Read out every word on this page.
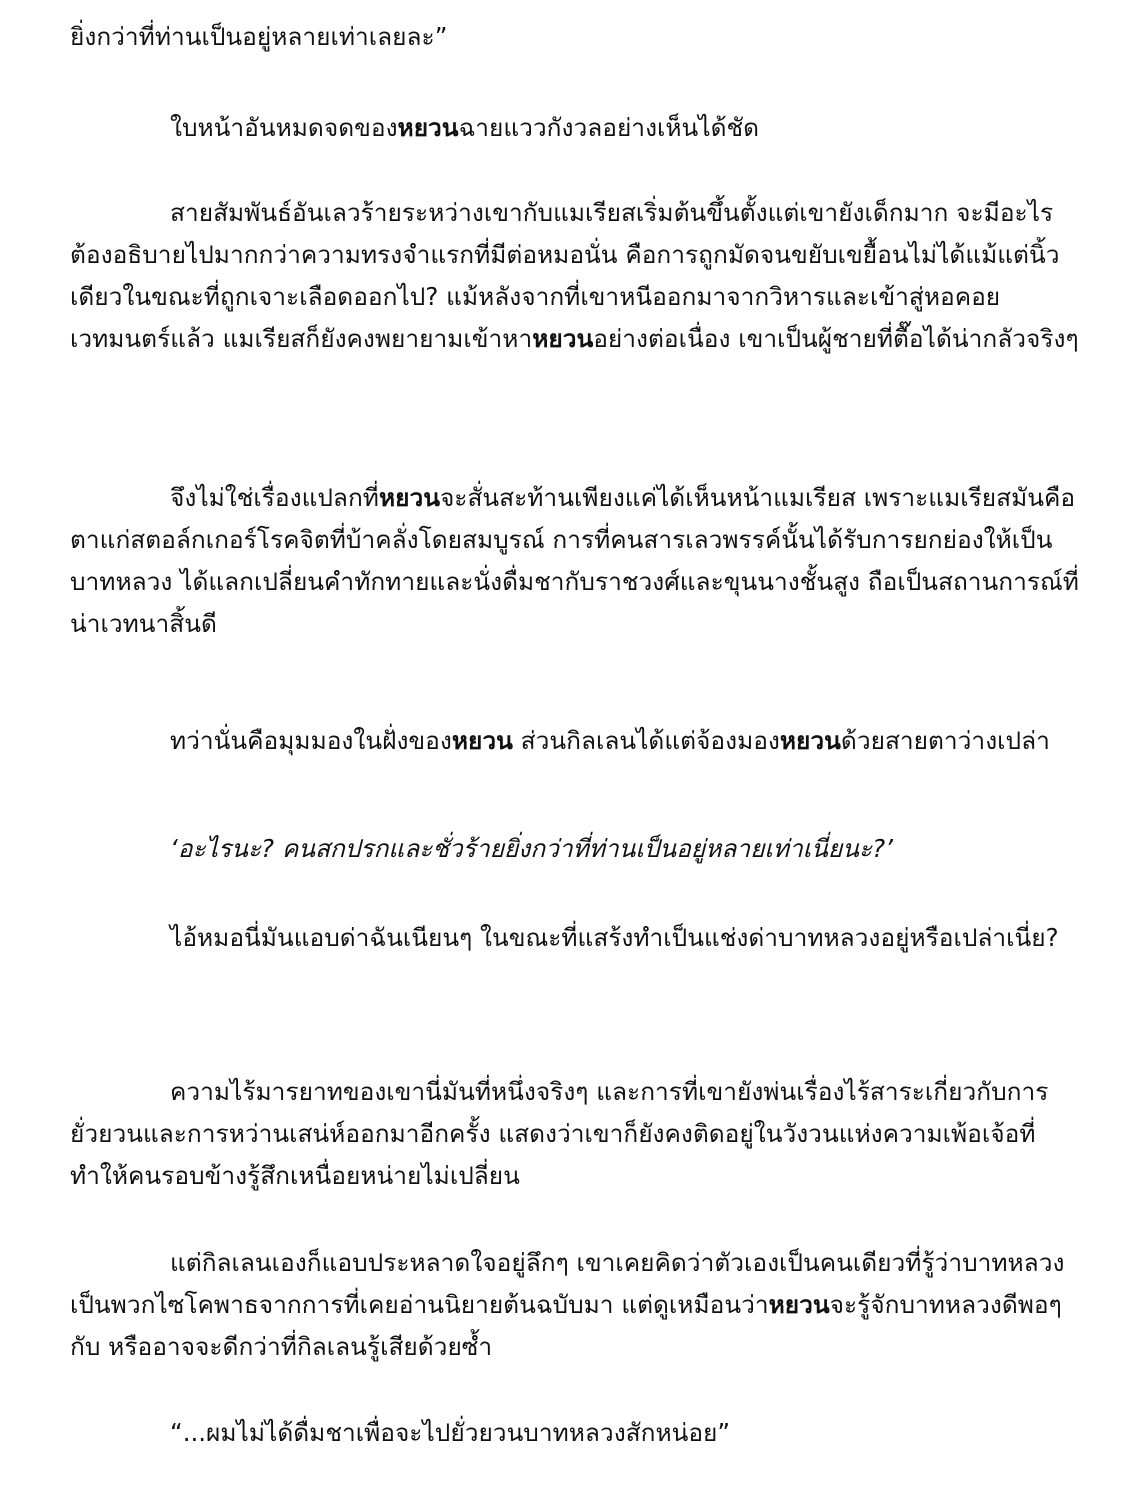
ยิ่งกว่าที่ท่านเป็นอยู่หลายเท่าเลยละ”

ใบหน้าอันหมดจดของหยวนฉายแววกังวลอย่างเห็นได้ชัด

สายสัมพันธ์อันเลวร้ายระหว่างเขากับแมเรียสเริ่มต้นขึ้นตั้งแต่เขายังเด็กมาก จะมีอะไรต้องอธิบายไปมากกว่าความทรงจำแรกที่มีต่อหมอนั่น คือการถูกมัดจนขยับเขยื้อนไม่ได้แม้แต่นิ้วเดียวในขณะที่ถูกเจาะเลือดออกไป? แม้หลังจากที่เขาหนีออกมาจากวิหารและเข้าสู่หอคอยเวทมนตร์แล้ว แมเรียสก็ยังคงพยายามเข้าหาหยวนอย่างต่อเนื่อง เขาเป็นผู้ชายที่ตื๊อได้น่ากลัวจริงๆ

จึงไม่ใช่เรื่องแปลกที่หยวนจะสั่นสะท้านเพียงแค่ได้เห็นหน้าแมเรียส เพราะแมเรียสมันคือตาแก่สตอล์กเกอร์โรคจิตที่บ้าคลั่งโดยสมบูรณ์ การที่คนสารเลวพรรค์นั้นได้รับการยกย่องให้เป็นบาทหลวง ได้แลกเปลี่ยนคำทักทายและนั่งดื่มชากับราชวงศ์และขุนนางชั้นสูง ถือเป็นสถานการณ์ที่น่าเวทนาสิ้นดี

ทว่านั่นคือมุมมองในฝั่งของหยวน ส่วนกิลเลนได้แต่จ้องมองหยวนด้วยสายตาว่างเปล่า

‘อะไรนะ? คนสกปรกและชั่วร้ายยิ่งกว่าที่ท่านเป็นอยู่หลายเท่าเนี่ยนะ?’

ไอ้หมอนี่มันแอบด่าฉันเนียนๆ ในขณะที่แสร้งทำเป็นแช่งด่าบาทหลวงอยู่หรือเปล่าเนี่ย?

ความไร้มารยาทของเขานี่มันที่หนึ่งจริงๆ และการที่เขายังพ่นเรื่องไร้สาระเกี่ยวกับการยั่วยวนและการหว่านเสน่ห์ออกมาอีกครั้ง แสดงว่าเขาก็ยังคงติดอยู่ในวังวนแห่งความเพ้อเจ้อที่ทำให้คนรอบข้างรู้สึกเหนื่อยหน่ายไม่เปลี่ยน

แต่กิลเลนเองก็แอบประหลาดใจอยู่ลึกๆ เขาเคยคิดว่าตัวเองเป็นคนเดียวที่รู้ว่าบาทหลวงเป็นพวกไซโคพาธจากการที่เคยอ่านนิยายต้นฉบับมา แต่ดูเหมือนว่าหยวนจะรู้จักบาทหลวงดีพอๆ กับ หรืออาจจะดีกว่าที่กิลเลนรู้เสียด้วยซ้ำ

“...ผมไม่ได้ดื่มชาเพื่อจะไปยั่วยวนบาทหลวงสักหน่อย”
